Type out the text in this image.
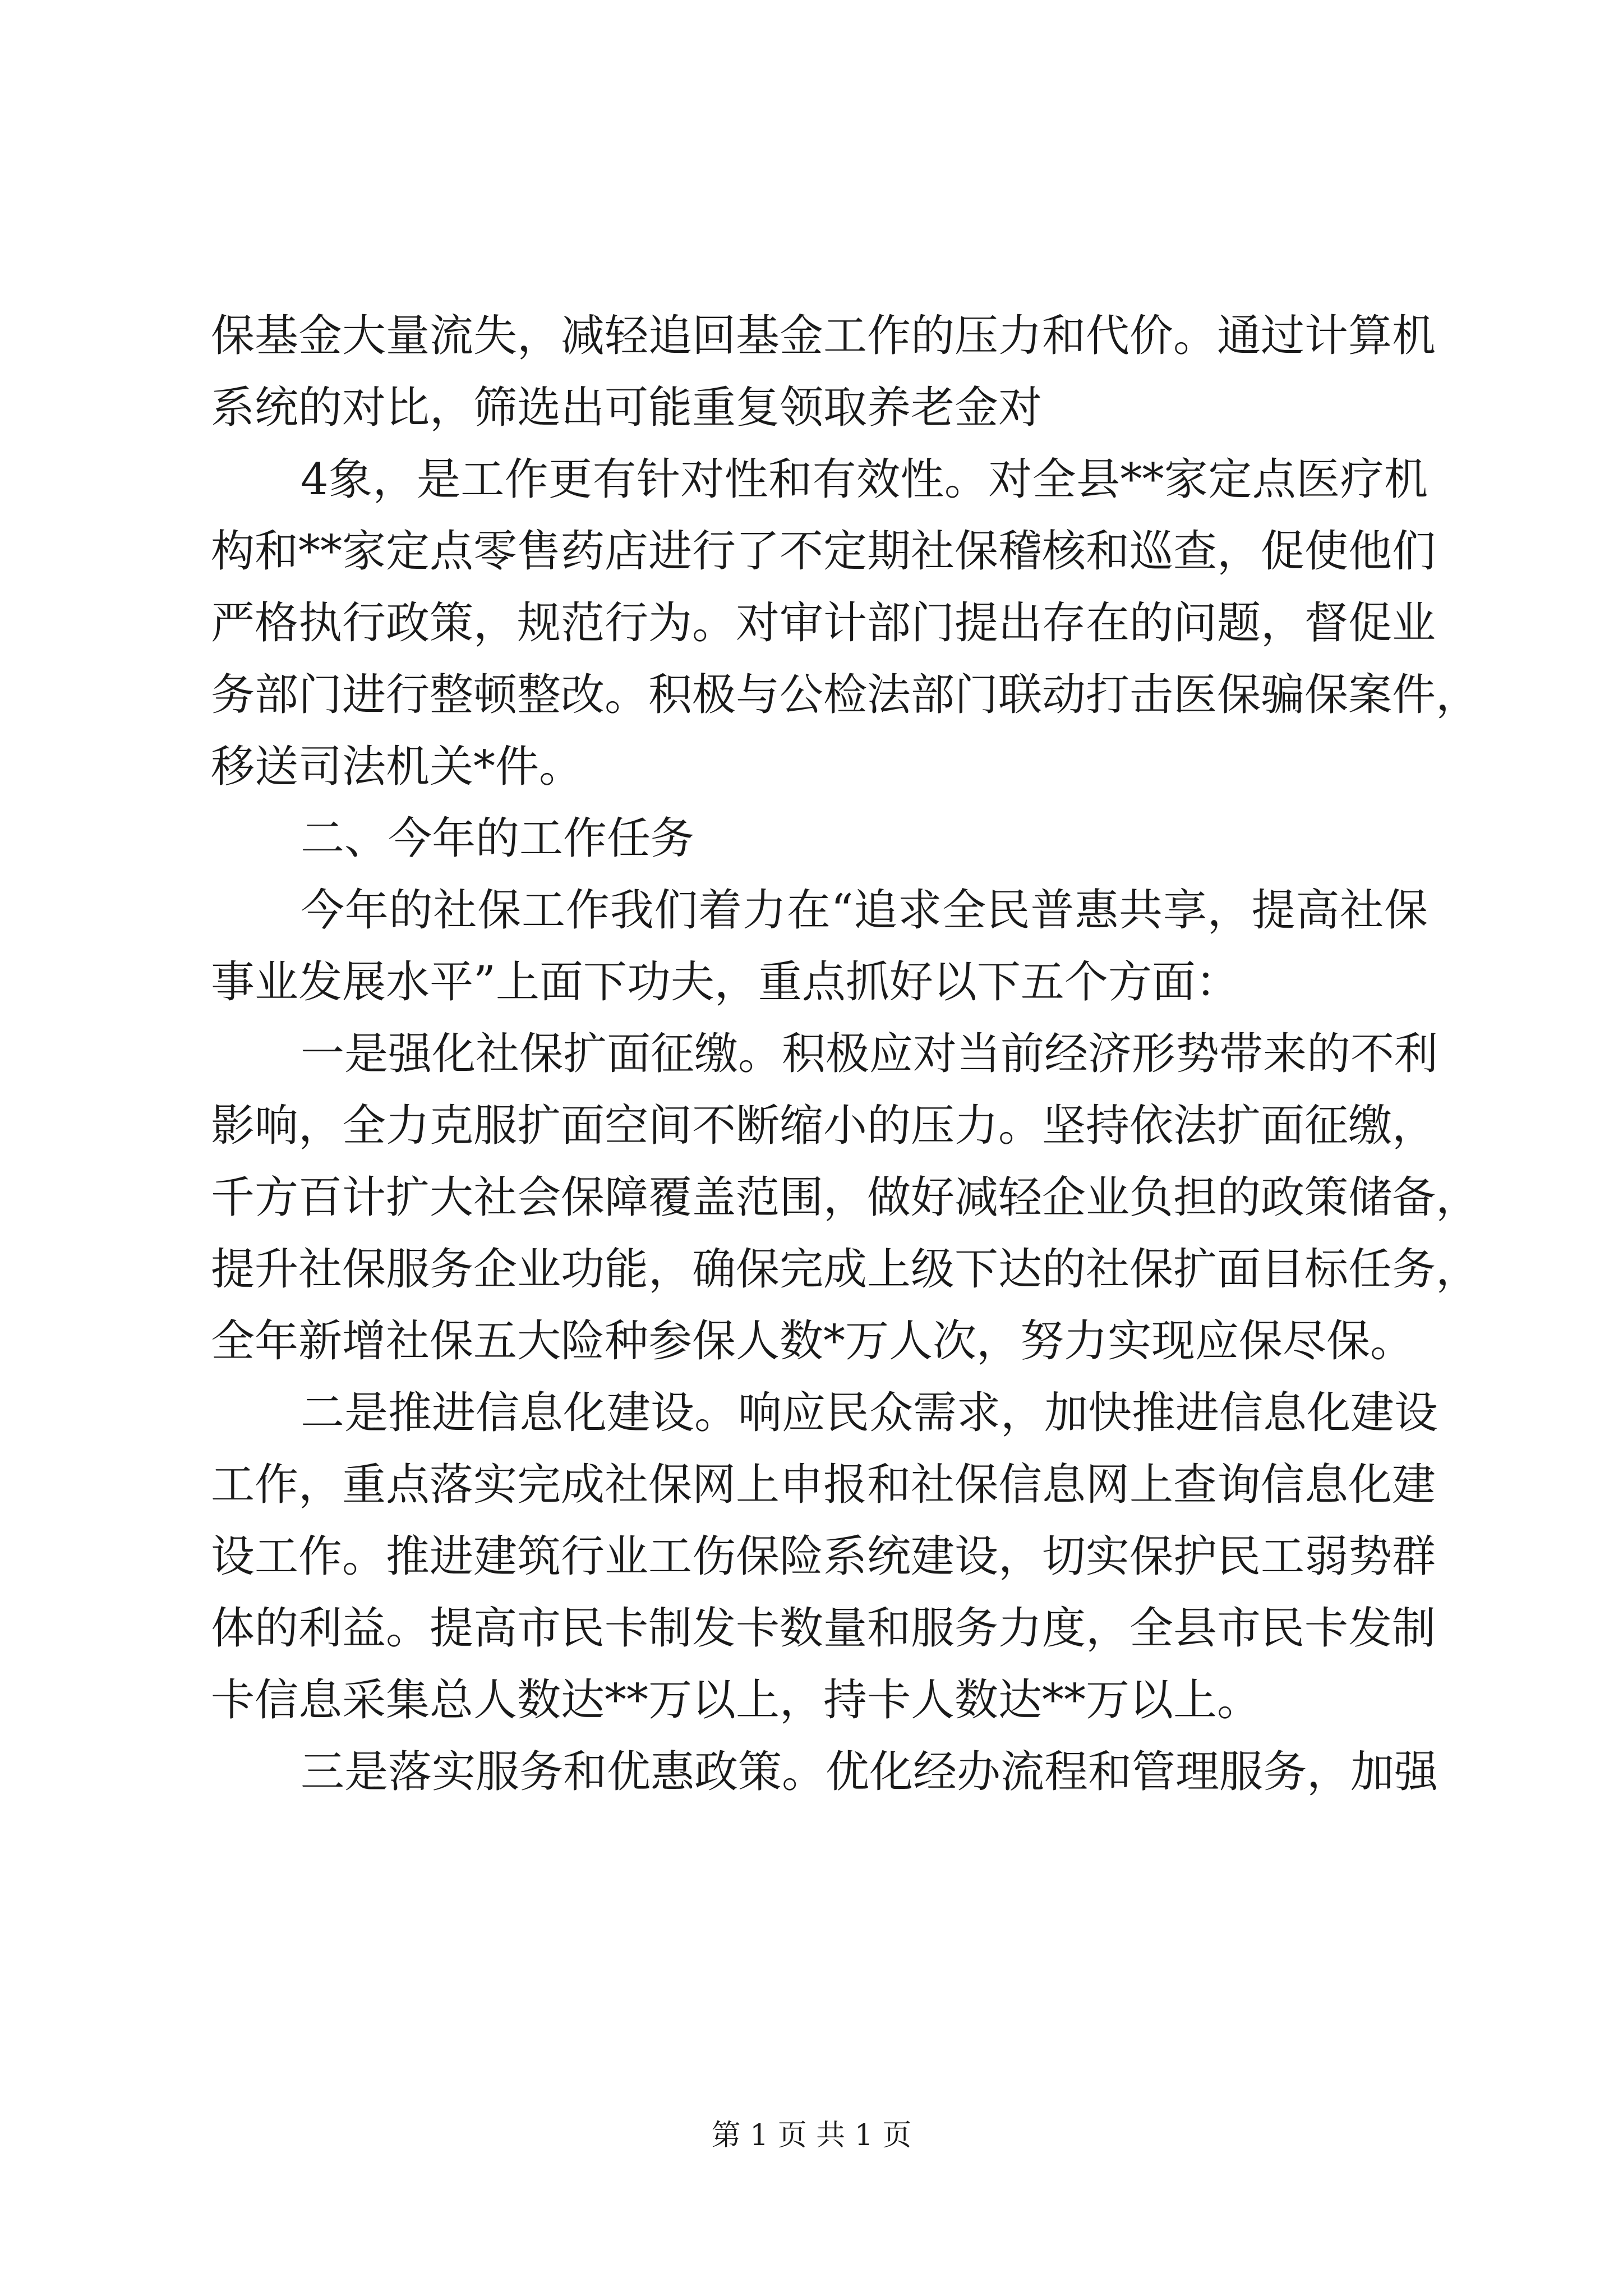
保基金大量流失，减轻追回基金工作的压力和代价。通过计算机
系统的对比，筛选出可能重复领取养老金对
4象，是工作更有针对性和有效性。对全县**家定点医疗机
构和**家定点零售药店进行了不定期社保稽核和巡查，促使他们
严格执行政策，规范行为。对审计部门提出存在的问题，督促业
务部门进行整顿整改。积极与公检法部门联动打击医保骗保案件，
移送司法机关*件。
二、今年的工作任务
今年的社保工作我们着力在“追求全民普惠共享，提高社保
事业发展水平”上面下功夫，重点抓好以下五个方面：
一是强化社保扩面征缴。积极应对当前经济形势带来的不利
影响，全力克服扩面空间不断缩小的压力。坚持依法扩面征缴，
千方百计扩大社会保障覆盖范围，做好减轻企业负担的政策储备，
提升社保服务企业功能，确保完成上级下达的社保扩面目标任务，
全年新增社保五大险种参保人数*万人次，努力实现应保尽保。
二是推进信息化建设。响应民众需求，加快推进信息化建设
工作，重点落实完成社保网上申报和社保信息网上查询信息化建
设工作。推进建筑行业工伤保险系统建设，切实保护民工弱势群
体的利益。提高市民卡制发卡数量和服务力度，全县市民卡发制
卡信息采集总人数达**万以上，持卡人数达**万以上。
三是落实服务和优惠政策。优化经办流程和管理服务，加强
第 1 页 共 1 页
